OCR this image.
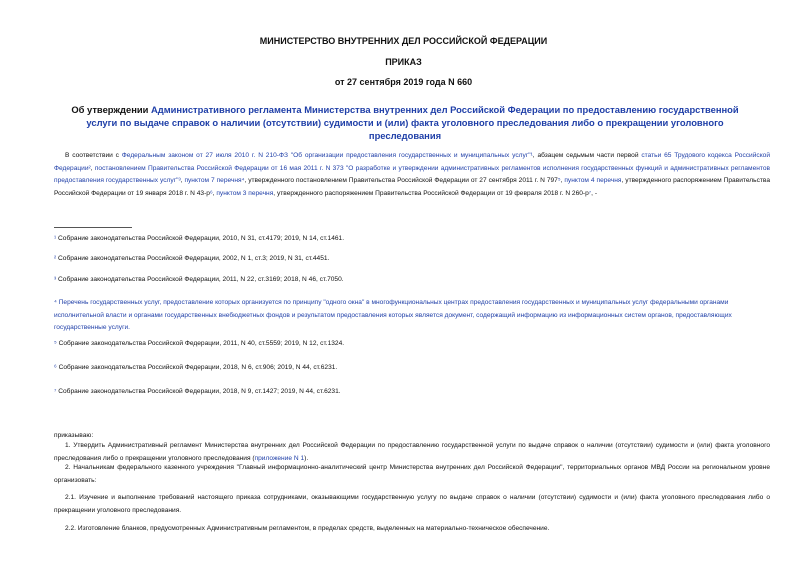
МИНИСТЕРСТВО ВНУТРЕННИХ ДЕЛ РОССИЙСКОЙ ФЕДЕРАЦИИ
ПРИКАЗ
от 27 сентября 2019 года N 660
Об утверждении Административного регламента Министерства внутренних дел Российской Федерации по предоставлению государственной услуги по выдаче справок о наличии (отсутствии) судимости и (или) факта уголовного преследования либо о прекращении уголовного преследования
В соответствии с Федеральным законом от 27 июля 2010 г. N 210-ФЗ "Об организации предоставления государственных и муниципальных услуг"¹, абзацем седьмым части первой статьи 65 Трудового кодекса Российской Федерации², постановлением Правительства Российской Федерации от 16 мая 2011 г. N 373 "О разработке и утверждении административных регламентов исполнения государственных функций и административных регламентов предоставления государственных услуг"³, пунктом 7 перечня⁴, утвержденного постановлением Правительства Российской Федерации от 27 сентября 2011 г. N 797⁵, пунктом 4 перечня, утвержденного распоряжением Правительства Российской Федерации от 19 января 2018 г. N 43-р⁶, пунктом 3 перечня, утвержденного распоряжением Правительства Российской Федерации от 19 февраля 2018 г. N 260-р⁷, -
¹ Собрание законодательства Российской Федерации, 2010, N 31, ст.4179; 2019, N 14, ст.1461.
² Собрание законодательства Российской Федерации, 2002, N 1, ст.3; 2019, N 31, ст.4451.
³ Собрание законодательства Российской Федерации, 2011, N 22, ст.3169; 2018, N 46, ст.7050.
⁴ Перечень государственных услуг, предоставление которых организуется по принципу "одного окна" в многофункциональных центрах предоставления государственных и муниципальных услуг федеральными органами исполнительной власти и органами государственных внебюджетных фондов и результатом предоставления которых является документ, содержащий информацию из информационных систем органов, предоставляющих государственные услуги.
⁵ Собрание законодательства Российской Федерации, 2011, N 40, ст.5559; 2019, N 12, ст.1324.
⁶ Собрание законодательства Российской Федерации, 2018, N 6, ст.906; 2019, N 44, ст.6231.
⁷ Собрание законодательства Российской Федерации, 2018, N 9, ст.1427; 2019, N 44, ст.6231.
приказываю:
1. Утвердить Административный регламент Министерства внутренних дел Российской Федерации по предоставлению государственной услуги по выдаче справок о наличии (отсутствии) судимости и (или) факта уголовного преследования либо о прекращении уголовного преследования (приложение N 1).
2. Начальникам федерального казенного учреждения "Главный информационно-аналитический центр Министерства внутренних дел Российской Федерации", территориальных органов МВД России на региональном уровне организовать:
2.1. Изучение и выполнение требований настоящего приказа сотрудниками, оказывающими государственную услугу по выдаче справок о наличии (отсутствии) судимости и (или) факта уголовного преследования либо о прекращении уголовного преследования.
2.2. Изготовление бланков, предусмотренных Административным регламентом, в пределах средств, выделенных на материально-техническое обеспечение.
